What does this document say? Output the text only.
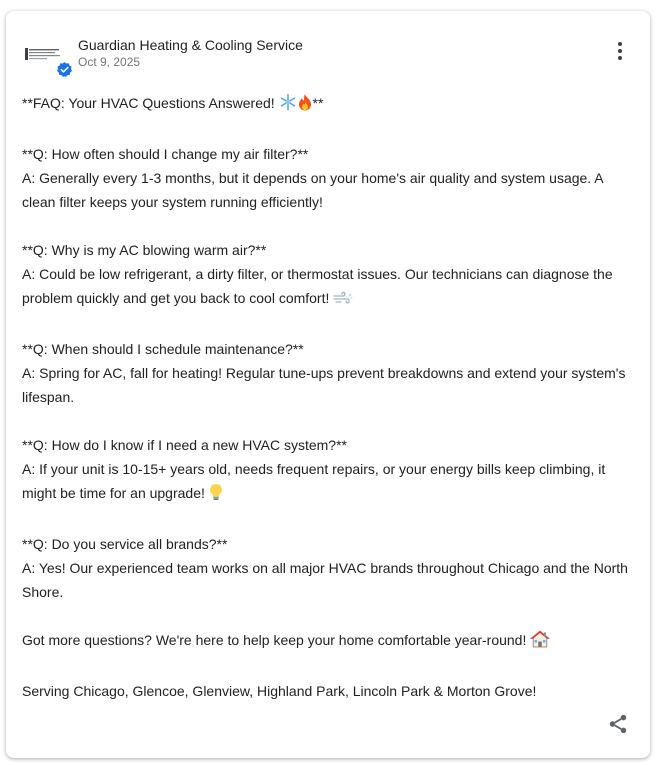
Guardian Heating & Cooling Service
Oct 9, 2025

**FAQ: Your HVAC Questions Answered! **

**Q: How often should I change my air filter?**
A: Generally every 1-3 months, but it depends on your home's air quality and system usage. A clean filter keeps your system running efficiently!

**Q: Why is my AC blowing warm air?**
A: Could be low refrigerant, a dirty filter, or thermostat issues. Our technicians can diagnose the problem quickly and get you back to cool comfort!

**Q: When should I schedule maintenance?**
A: Spring for AC, fall for heating! Regular tune-ups prevent breakdowns and extend your system's lifespan.

**Q: How do I know if I need a new HVAC system?**
A: If your unit is 10-15+ years old, needs frequent repairs, or your energy bills keep climbing, it might be time for an upgrade!

**Q: Do you service all brands?**
A: Yes! Our experienced team works on all major HVAC brands throughout Chicago and the North Shore.

Got more questions? We're here to help keep your home comfortable year-round!

Serving Chicago, Glencoe, Glenview, Highland Park, Lincoln Park & Morton Grove!
